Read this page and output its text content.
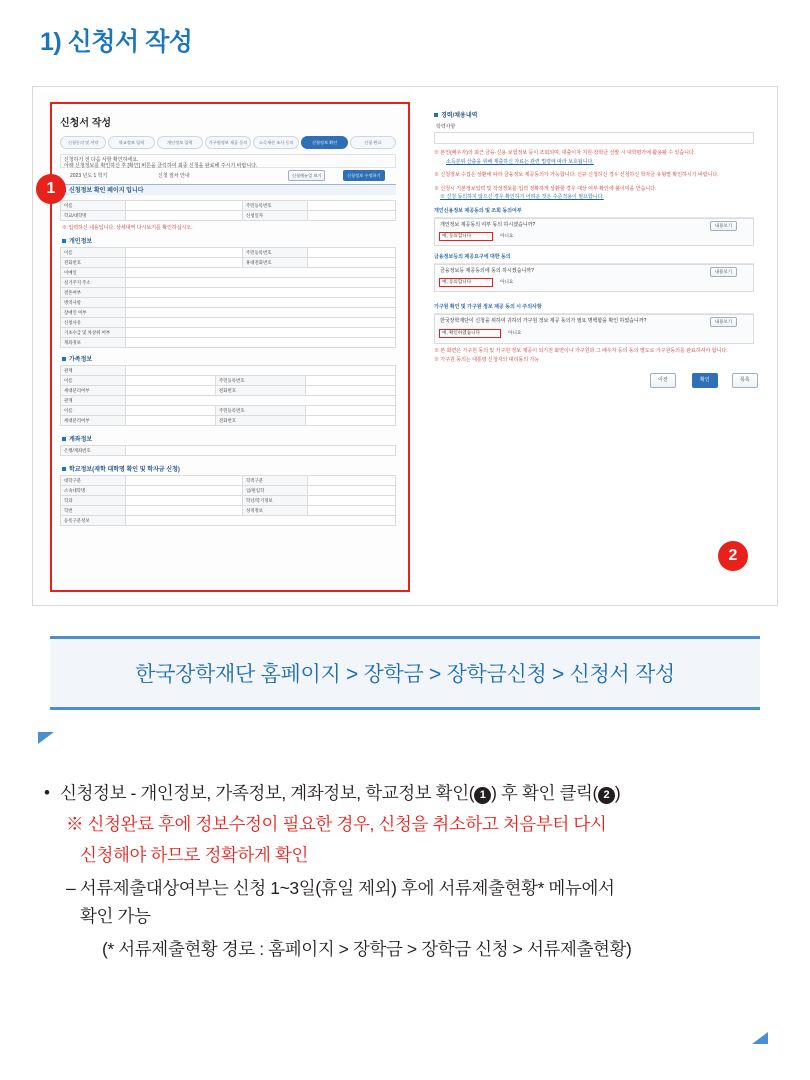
1) 신청서 작성
신청서 작성
신청동의 및 서약	학교정보 입력	개인정보 입력	가구원정보 제공 동의	소득재산 조사 동의	신청정보 확인	신청 완료
신청하기 전 다음 사항 확인하세요.
아래 신청정보를 확인하신 후 [확인] 버튼을 클릭하여 최종 신청을 완료해 주시기 바랍니다.
2023 년도 1 학기	신청 절차 안내	신청메뉴얼 보기	신청정보 수정하기
신청정보 확인 페이지 입니다
이름		주민등록번호	
학교/대학명		신청일자	
※ 입력하신 내용입니다. 상세내역 다시보기를 확인하십시오.
개인정보
이름		주민등록번호	
전화번호		휴대전화번호	
이메일			
실거주지 주소			
결혼여부			
병역사항			
장애인 여부			
신청사유			
기초수급 및 차상위 여부			
계좌정보			
가족정보
관계			
이름		주민등록번호	
세대분리여부		전화번호	
관계			
이름		주민등록번호	
세대분리여부		전화번호	
계좌정보
은행/계좌번호	
학교정보(재학 대학명 확인 및 학자금 신청)
대학구분		학적구분	
소속대학명		입/편입학	
학과		학년/학기정보	
학번		성적정보	
등록구분정보			
경력/채용내역
학력사항
※ 본인(배우자)의 최근 금융·신용·보험정보 등이 조회되며, 대출이자 지원·장학금 선발 시 대학평가에 활용될 수 있습니다.
소득분위 산출을 위해 제출하신 자료는 관련 법령에 따라 보호됩니다.
※ 신청정보 수집은 상환에 따라 금융정보 제공동의가 가능합니다. 신규 신청하신 경우 신청하신 학자금 유형별 확인하시기 바랍니다.
※ 신청시 기본정보입력 및 작성정보를 입력 정확하게 상환할 경우 대상 여부 확인에 불이익을 받습니다.
※ 신청 동의하지 않으신 경우 확인하기 어려운 것은 수준적용이 필요합니다.
개인신용정보 제공동의 및 조회 동의여부
개인정보 제공동의 여부 동의 하시겠습니까?	내용보기
예, 동의합니다	아니요
금융정보등의 제공요구에 대한 동의
금융정보등 제공동의에 동의 하시겠습니까?	내용보기
예, 동의합니다	아니요
가구원 확인 및 가구원 정보 제공 동의 시 주의사항
한국장학재단이 신청을 위하여 귀하의 가구원 정보 제공 동의가 필요 명백합을 확인 하였습니까?	내용보기
예, 확인하였습니다	아니요
※ 본 화면은 가구원 동의 및 가구원 정보 제공이 되기전 화면이니 가구원과 그 배우자 등의 동의 별도로 가구원동의를 완료하셔야 합니다.
※ 가구원 동의는 대통령 신청자의 대리동의 가능
이전	확인	목록
1
2
한국장학재단 홈페이지 > 장학금 > 장학금신청 > 신청서 작성
• 신청정보 - 개인정보, 가족정보, 계좌정보, 학교정보 확인( 1 ) 후 확인 클릭( 2 )
※ 신청완료 후에 정보수정이 필요한 경우, 신청을 취소하고 처음부터 다시
신청해야 하므로 정확하게 확인
– 서류제출대상여부는 신청 1~3일(휴일 제외) 후에 서류제출현황* 메뉴에서
확인 가능
(* 서류제출현황 경로 : 홈페이지 > 장학금 > 장학금 신청 > 서류제출현황)
